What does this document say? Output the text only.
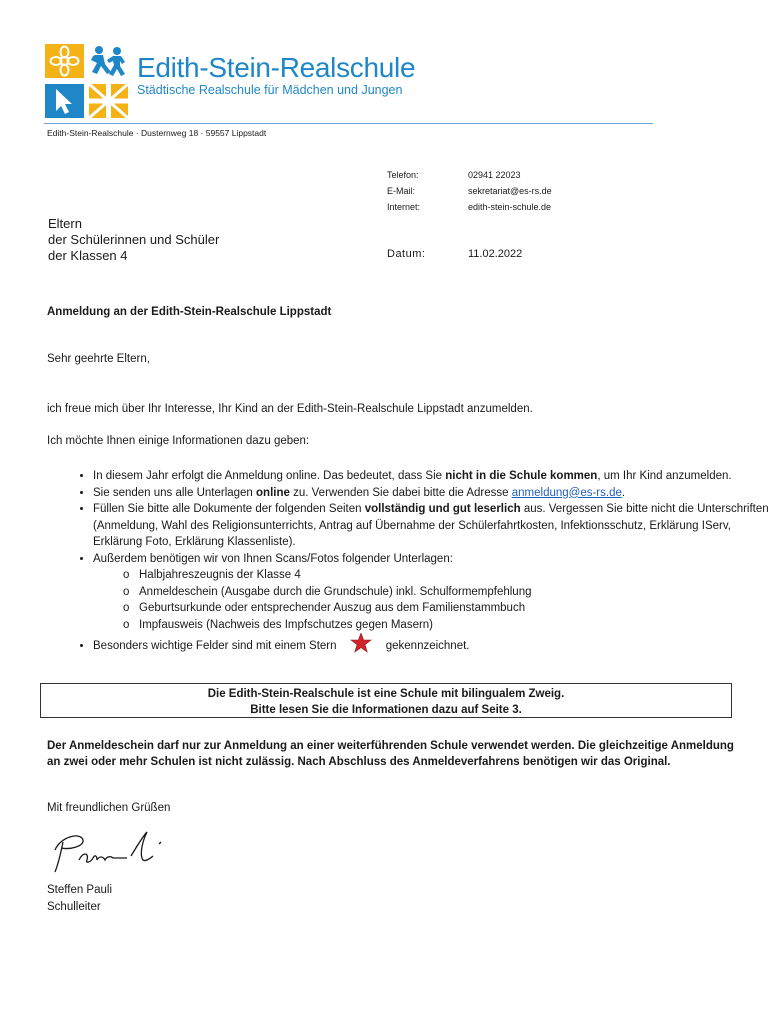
Edith-Stein-Realschule
Städtische Realschule für Mädchen und Jungen
Edith-Stein-Realschule · Dusternweg 18 · 59557 Lippstadt
Telefon:	02941 22023
E-Mail:	sekretariat@es-rs.de
Internet:	edith-stein-schule.de
Eltern
der Schülerinnen und Schüler
der Klassen 4	Datum:	11.02.2022
Anmeldung an der Edith-Stein-Realschule Lippstadt
Sehr geehrte Eltern,
ich freue mich über Ihr Interesse, Ihr Kind an der Edith-Stein-Realschule Lippstadt anzumelden.
Ich möchte Ihnen einige Informationen dazu geben:
• In diesem Jahr erfolgt die Anmeldung online. Das bedeutet, dass Sie nicht in die Schule kommen, um Ihr Kind anzumelden.
• Sie senden uns alle Unterlagen online zu. Verwenden Sie dabei bitte die Adresse anmeldung@es-rs.de.
• Füllen Sie bitte alle Dokumente der folgenden Seiten vollständig und gut leserlich aus. Vergessen Sie bitte nicht die Unterschriften (Anmeldung, Wahl des Religionsunterrichts, Antrag auf Übernahme der Schülerfahrtkosten, Infektionsschutz, Erklärung IServ, Erklärung Foto, Erklärung Klassenliste).
• Außerdem benötigen wir von Ihnen Scans/Fotos folgender Unterlagen:
o Halbjahreszeugnis der Klasse 4
o Anmeldeschein (Ausgabe durch die Grundschule) inkl. Schulformempfehlung
o Geburtsurkunde oder entsprechender Auszug aus dem Familienstammbuch
o Impfausweis (Nachweis des Impfschutzes gegen Masern)
• Besonders wichtige Felder sind mit einem Stern	gekennzeichnet.
Die Edith-Stein-Realschule ist eine Schule mit bilingualem Zweig.
Bitte lesen Sie die Informationen dazu auf Seite 3.
Der Anmeldeschein darf nur zur Anmeldung an einer weiterführenden Schule verwendet werden. Die gleichzeitige Anmeldung an zwei oder mehr Schulen ist nicht zulässig. Nach Abschluss des Anmeldeverfahrens benötigen wir das Original.
Mit freundlichen Grüßen
Steffen Pauli
Schulleiter
